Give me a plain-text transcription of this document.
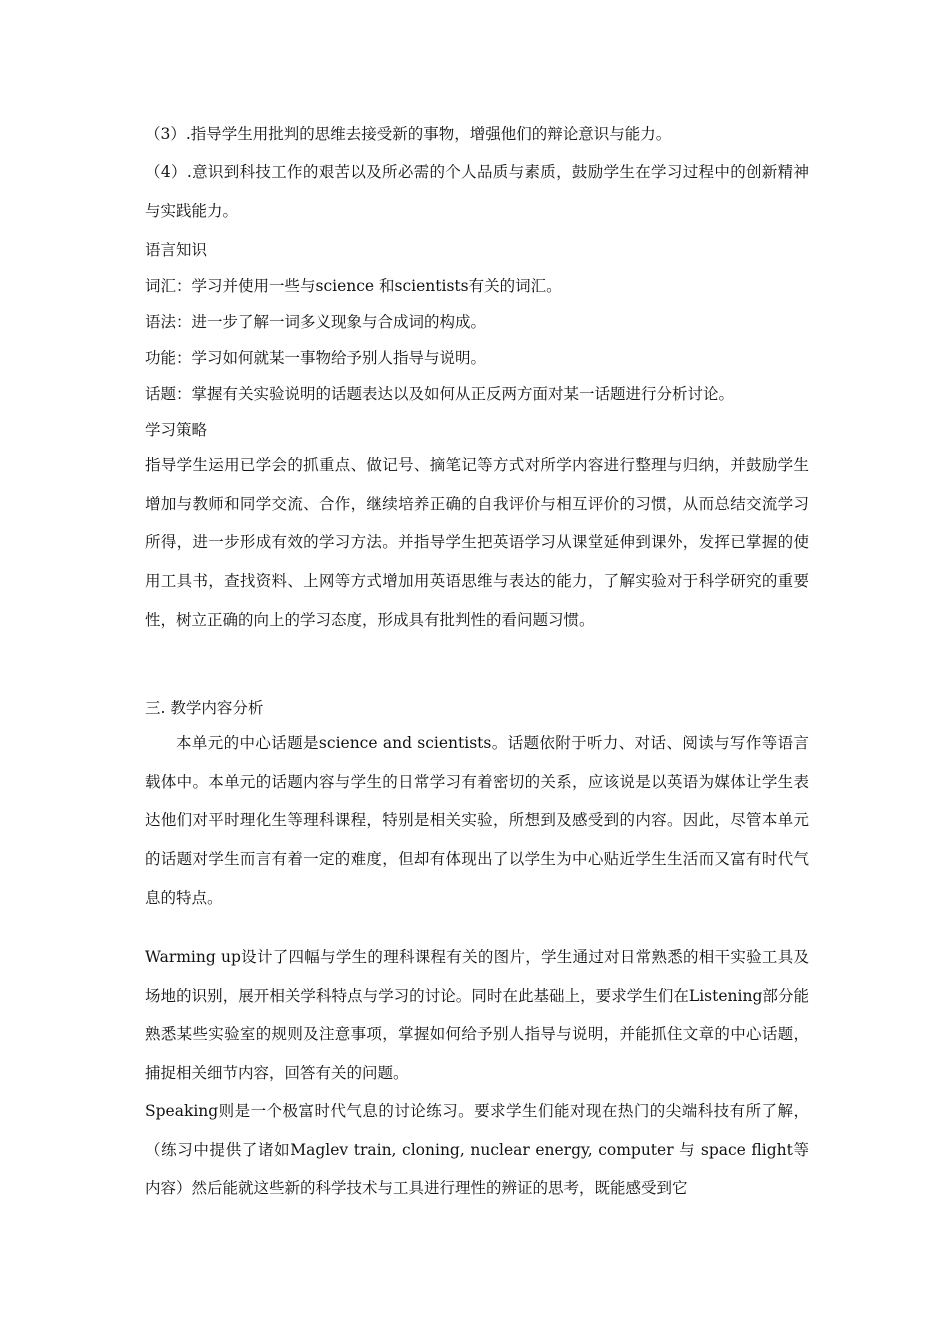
（3）.指导学生用批判的思维去接受新的事物，增强他们的辩论意识与能力。
（4）.意识到科技工作的艰苦以及所必需的个人品质与素质，鼓励学生在学习过程中的创新精神与实践能力。
语言知识
词汇：学习并使用一些与science 和scientists有关的词汇。
语法：进一步了解一词多义现象与合成词的构成。
功能：学习如何就某一事物给予别人指导与说明。
话题：掌握有关实验说明的话题表达以及如何从正反两方面对某一话题进行分析讨论。
学习策略
指导学生运用已学会的抓重点、做记号、摘笔记等方式对所学内容进行整理与归纳，并鼓励学生增加与教师和同学交流、合作，继续培养正确的自我评价与相互评价的习惯，从而总结交流学习所得，进一步形成有效的学习方法。并指导学生把英语学习从课堂延伸到课外，发挥已掌握的使用工具书，查找资料、上网等方式增加用英语思维与表达的能力，了解实验对于科学研究的重要性，树立正确的向上的学习态度，形成具有批判性的看问题习惯。
三. 教学内容分析
本单元的中心话题是science and scientists。话题依附于听力、对话、阅读与写作等语言载体中。本单元的话题内容与学生的日常学习有着密切的关系，应该说是以英语为媒体让学生表达他们对平时理化生等理科课程，特别是相关实验，所想到及感受到的内容。因此，尽管本单元的话题对学生而言有着一定的难度，但却有体现出了以学生为中心贴近学生生活而又富有时代气息的特点。
Warming up设计了四幅与学生的理科课程有关的图片，学生通过对日常熟悉的相干实验工具及场地的识别，展开相关学科特点与学习的讨论。同时在此基础上，要求学生们在Listening部分能熟悉某些实验室的规则及注意事项，掌握如何给予别人指导与说明，并能抓住文章的中心话题，捕捉相关细节内容，回答有关的问题。
Speaking则是一个极富时代气息的讨论练习。要求学生们能对现在热门的尖端科技有所了解，（练习中提供了诸如Maglev train, cloning, nuclear energy, computer 与 space flight等内容）然后能就这些新的科学技术与工具进行理性的辨证的思考，既能感受到它
